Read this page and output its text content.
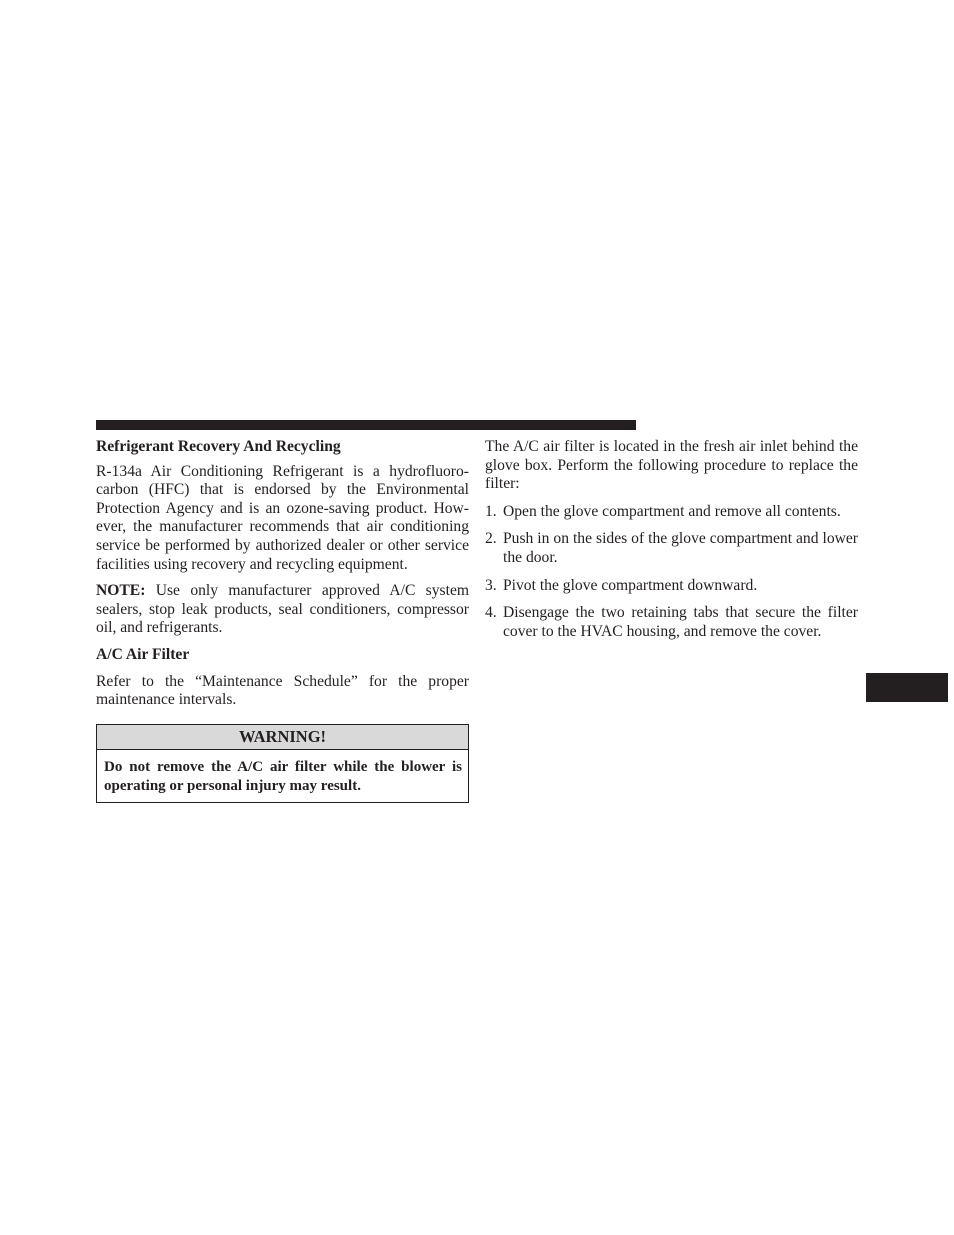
Refrigerant Recovery And Recycling
R-134a Air Conditioning Refrigerant is a hydrofluorocarbon (HFC) that is endorsed by the Environmental Protection Agency and is an ozone-saving product. However, the manufacturer recommends that air conditioning service be performed by authorized dealer or other service facilities using recovery and recycling equipment.
NOTE: Use only manufacturer approved A/C system sealers, stop leak products, seal conditioners, compressor oil, and refrigerants.
A/C Air Filter
Refer to the “Maintenance Schedule” for the proper maintenance intervals.
WARNING!
Do not remove the A/C air filter while the blower is operating or personal injury may result.
The A/C air filter is located in the fresh air inlet behind the glove box. Perform the following procedure to replace the filter:
1. Open the glove compartment and remove all contents.
2. Push in on the sides of the glove compartment and lower the door.
3. Pivot the glove compartment downward.
4. Disengage the two retaining tabs that secure the filter cover to the HVAC housing, and remove the cover.
